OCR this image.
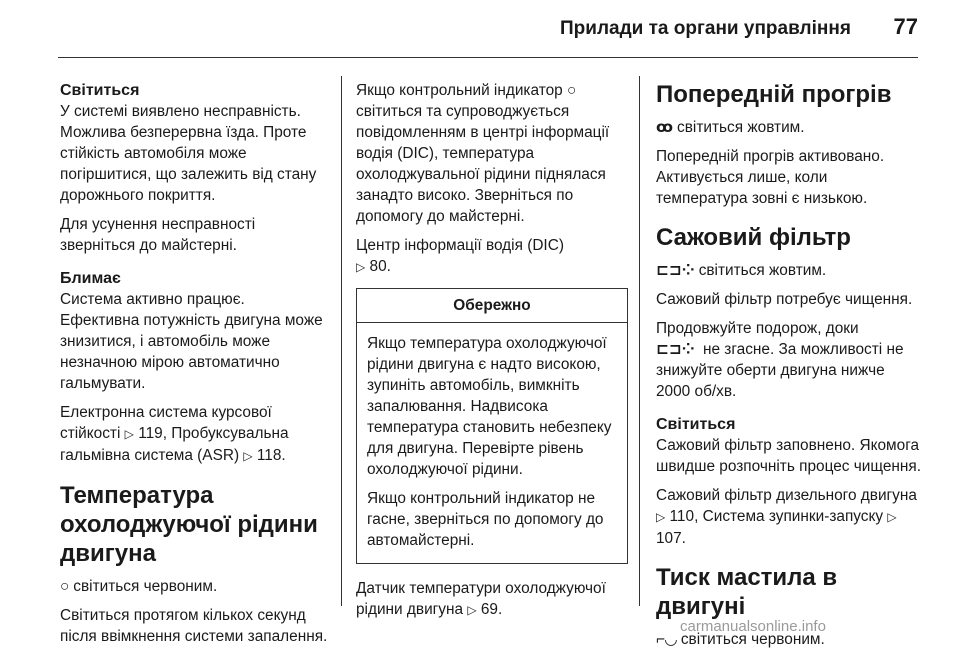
Прилади та органи управління 77
Світиться

У системі виявлено несправність. Можлива безперервна їзда. Проте стійкість автомобіля може погіршитися, що залежить від стану дорожнього покриття.

Для усунення несправності зверніться до майстерні.

Блимає

Система активно працює. Ефективна потужність двигуна може знизитися, і автомобіль може незначною мірою автоматично гальмувати.

Електронна система курсової стійкості ▷ 119, Пробуксувальна гальмівна система (ASR) ▷ 118.

Температура охолоджуючої рідини двигуна

○ світиться червоним.

Світиться протягом кількох секунд після ввімкнення системи запалення.

Якщо контрольний індикатор ○ світиться та супроводжується повідомленням в центрі інформації водія (DIC), температура охолоджувальної рідини піднялася занадто високо. Зверніться по допомогу до майстерні.

Центр інформації водія (DIC)
▷ 80.

Обережно

Якщо температура охолоджуючої рідини двигуна є надто високою, зупиніть автомобіль, вимкніть запалювання. Надвисока температура становить небезпеку для двигуна. Перевірте рівень охолоджуючої рідини.

Якщо контрольний індикатор не гасне, зверніться по допомогу до автомайстерні.

Датчик температури охолоджуючої рідини двигуна ▷ 69.

Попередній прогрів

ꝏ світиться жовтим.

Попередній прогрів активовано. Активується лише, коли температура зовні є низькою.

Сажовий фільтр

⊏⊐⁘ світиться жовтим.

Сажовий фільтр потребує чищення.

Продовжуйте подорож, доки
⊏⊐⁘ не згасне. За можливості не знижуйте оберти двигуна нижче 2000 об/хв.

Світиться

Сажовий фільтр заповнено. Якомога швидше розпочніть процес чищення.

Сажовий фільтр дизельного двигуна ▷ 110, Система зупинки-запуску ▷ 107.

Тиск мастила в двигуні

⌐◡ світиться червоним.

carmanualsonline.info
